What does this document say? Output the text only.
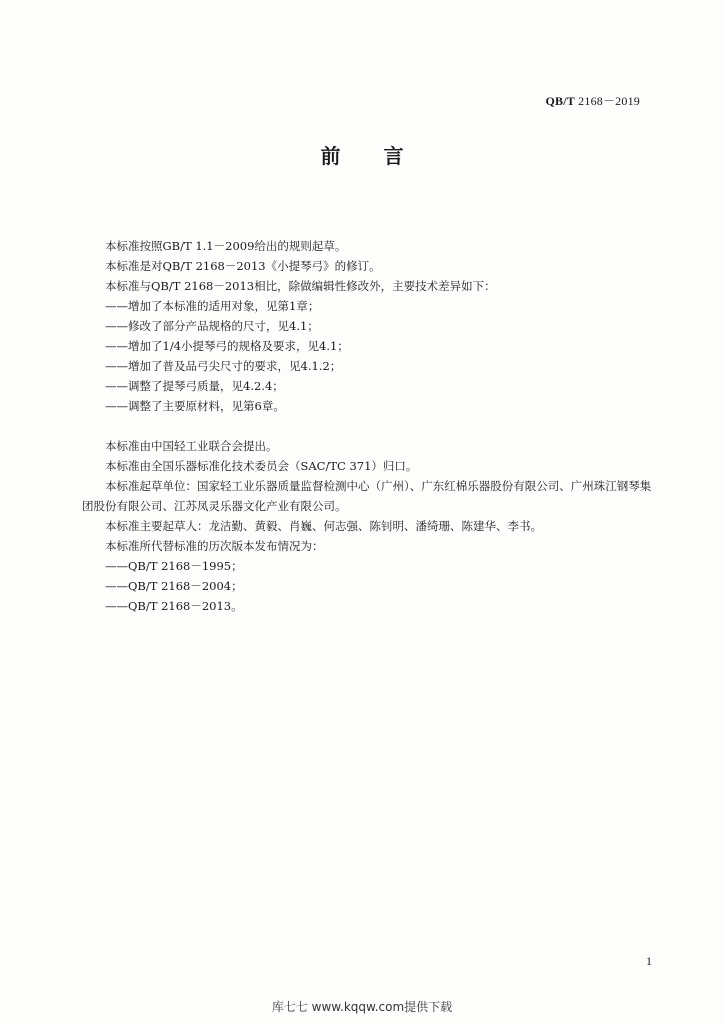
QB/T 2168－2019
前 言

本标准按照GB/T 1.1－2009给出的规则起草。

本标准是对QB/T 2168－2013《小提琴弓》的修订。

本标准与QB/T 2168－2013相比，除做编辑性修改外，主要技术差异如下：

——增加了本标准的适用对象，见第1章；

——修改了部分产品规格的尺寸，见4.1；

——增加了1/4小提琴弓的规格及要求，见4.1；

——增加了普及品弓尖尺寸的要求，见4.1.2；

——调整了提琴弓质量，见4.2.4；

——调整了主要原材料，见第6章。

本标准由中国轻工业联合会提出。

本标准由全国乐器标准化技术委员会（SAC/TC 371）归口。

本标准起草单位：国家轻工业乐器质量监督检测中心（广州）、广东红棉乐器股份有限公司、广州珠江钢琴集团股份有限公司、江苏凤灵乐器文化产业有限公司。

本标准主要起草人：龙洁勤、黄毅、肖巍、何志强、陈钊明、潘绮珊、陈建华、李书。

本标准所代替标准的历次版本发布情况为：

——QB/T 2168－1995；

——QB/T 2168－2004；

——QB/T 2168－2013。

1
库七七 www.kqqw.com提供下载
